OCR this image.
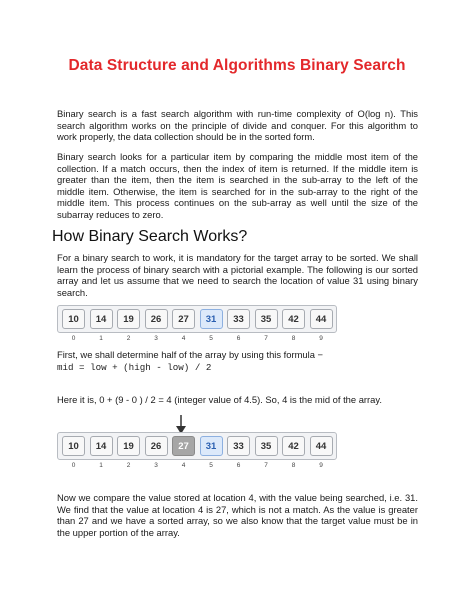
Data Structure and Algorithms Binary Search

Binary search is a fast search algorithm with run-time complexity of Ο(log n). This search algorithm works on the principle of divide and conquer. For this algorithm to work properly, the data collection should be in the sorted form.

Binary search looks for a particular item by comparing the middle most item of the collection. If a match occurs, then the index of item is returned. If the middle item is greater than the item, then the item is searched in the sub-array to the left of the middle item. Otherwise, the item is searched for in the sub-array to the right of the middle item. This process continues on the sub-array as well until the size of the subarray reduces to zero.

How Binary Search Works?

For a binary search to work, it is mandatory for the target array to be sorted. We shall learn the process of binary search with a pictorial example. The following is our sorted array and let us assume that we need to search the location of value 31 using binary search.

10	14	19	26	27	31	33	35	42	44
0	1	2	3	4	5	6	7	8	9

First, we shall determine half of the array by using this formula −

mid = low + (high - low) / 2

Here it is, 0 + (9 - 0 ) / 2 = 4 (integer value of 4.5). So, 4 is the mid of the array.

10	14	19	26	27	31	33	35	42	44
0	1	2	3	4	5	6	7	8	9

Now we compare the value stored at location 4, with the value being searched, i.e. 31. We find that the value at location 4 is 27, which is not a match. As the value is greater than 27 and we have a sorted array, so we also know that the target value must be in the upper portion of the array.
